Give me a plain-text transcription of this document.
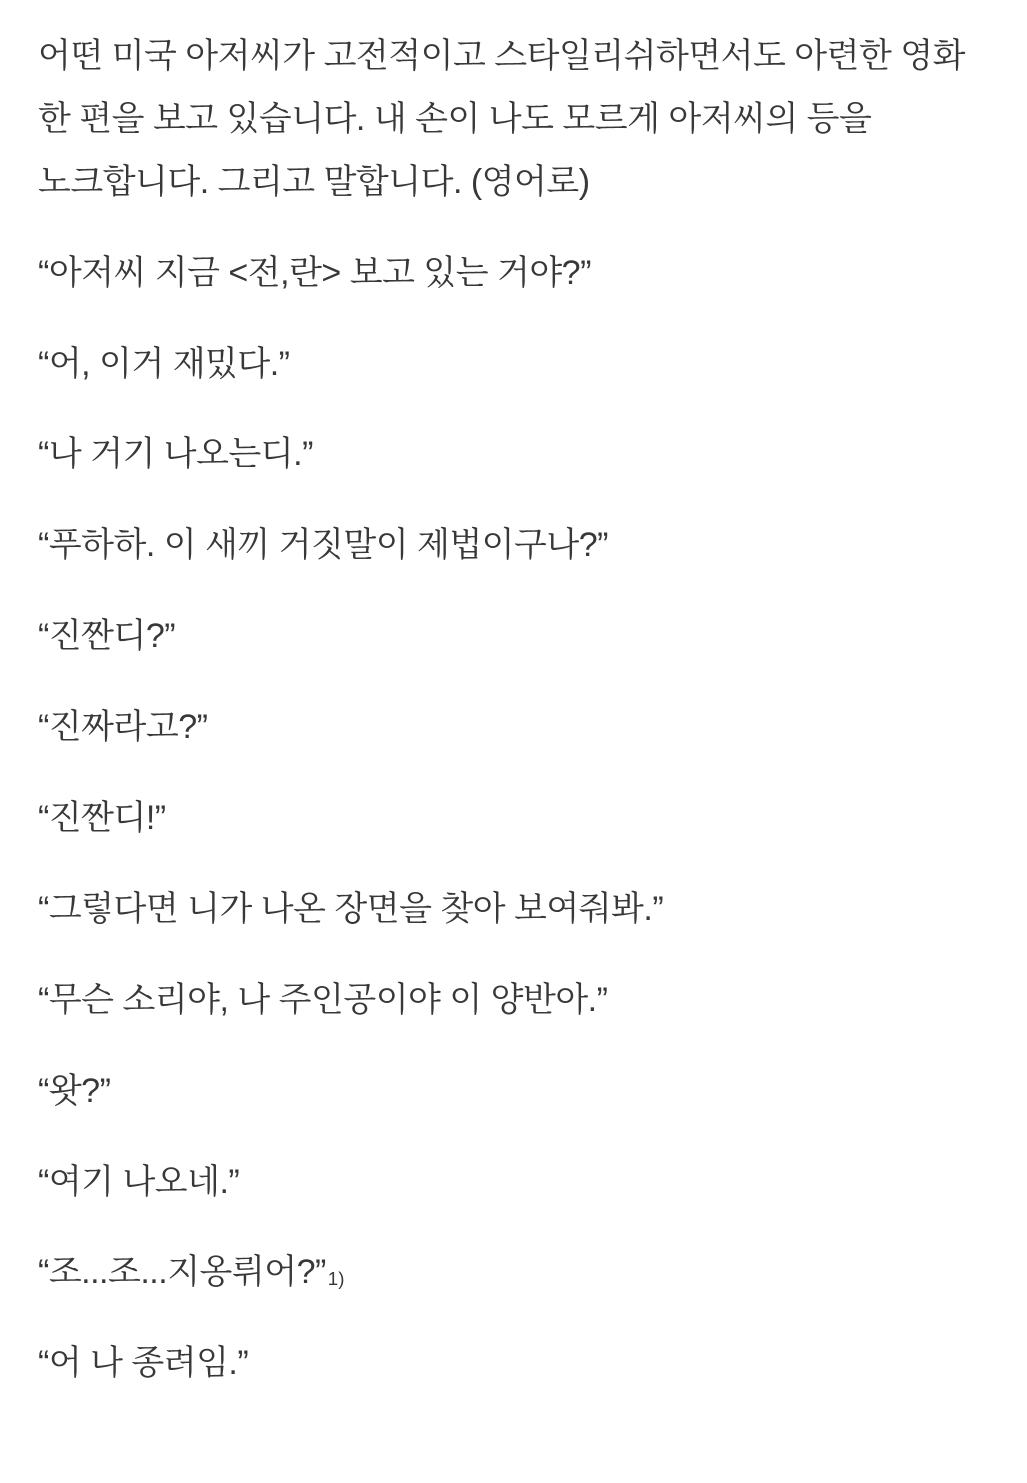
어떤 미국 아저씨가 고전적이고 스타일리쉬하면서도 아련한 영화 한 편을 보고 있습니다. 내 손이 나도 모르게 아저씨의 등을 노크합니다. 그리고 말합니다. (영어로)

“아저씨 지금 <전,란> 보고 있는 거야?”

“어, 이거 재밌다.”

“나 거기 나오는디.”

“푸하하. 이 새끼 거짓말이 제법이구나?”

“진짠디?”

“진짜라고?”

“진짠디!”

“그렇다면 니가 나온 장면을 찾아 보여줘봐.”

“무슨 소리야, 나 주인공이야 이 양반아.”

“왓?”

“여기 나오네.”

“조...조...지옹뤼어?” 1)

“어 나 종려임.”
